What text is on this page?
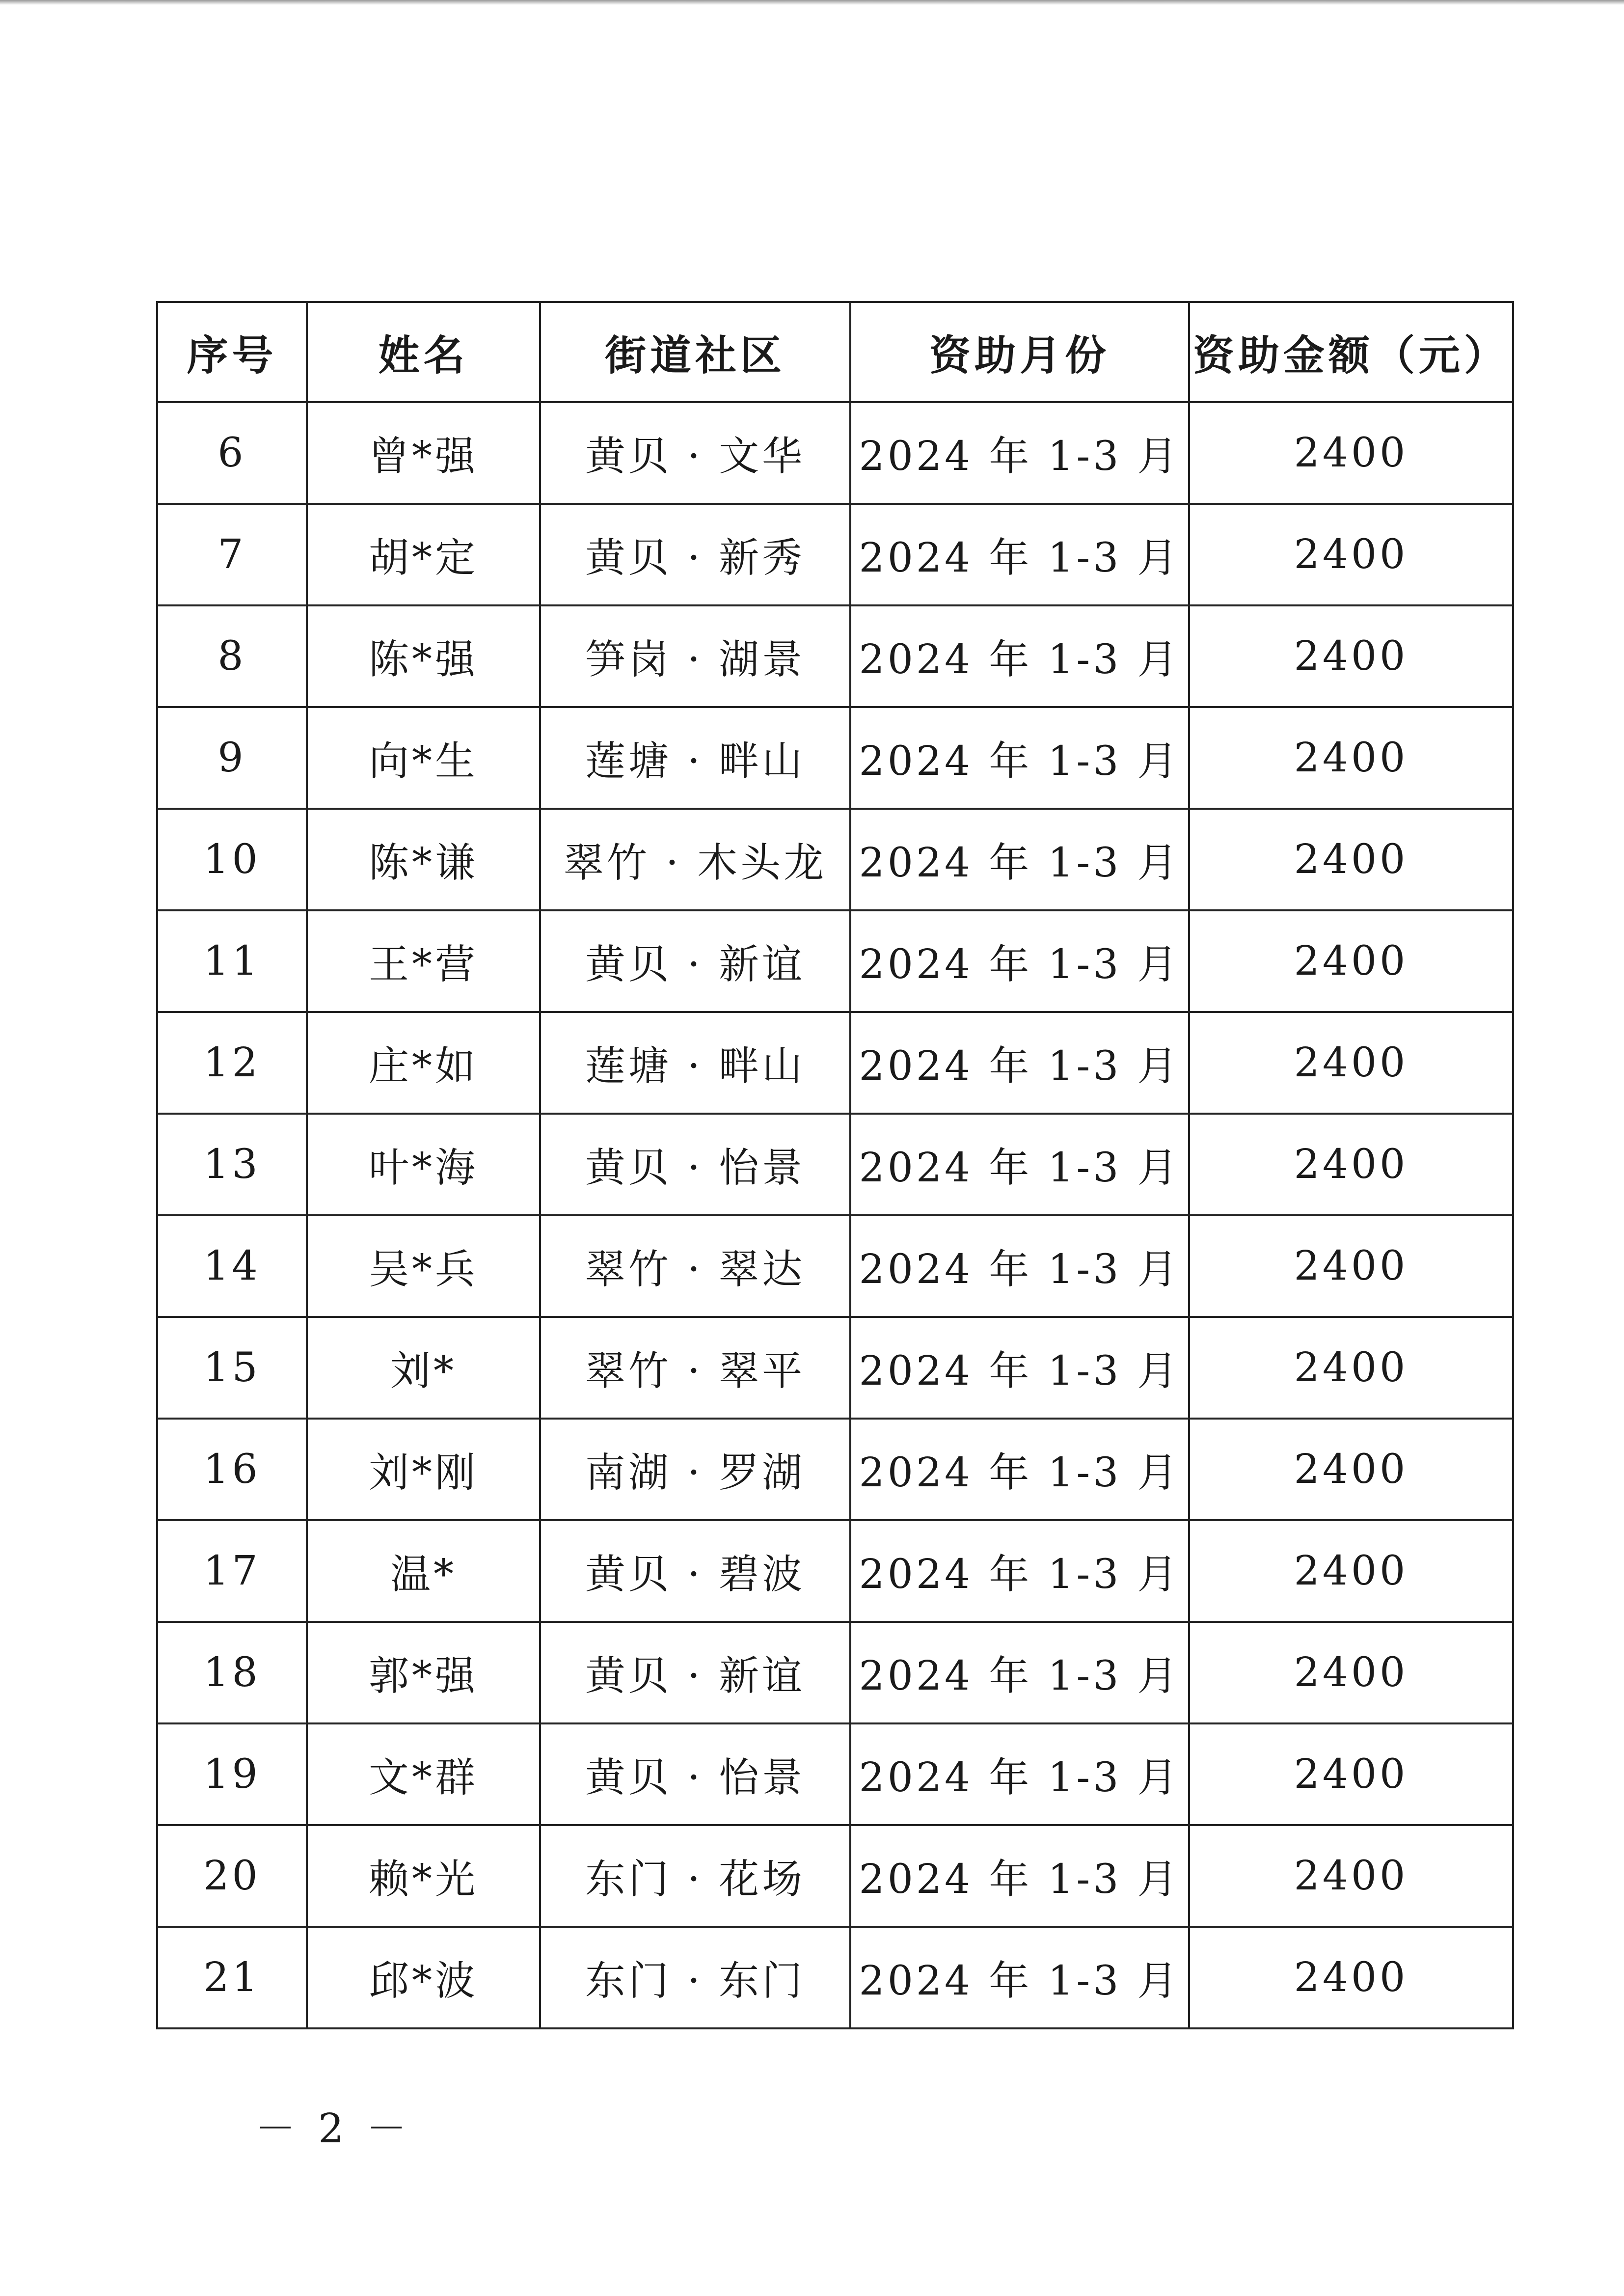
序号	姓名	街道社区	资助月份	资助金额（元）
6	曾*强	黄贝 · 文华	2024 年 1-3 月	2400
7	胡*定	黄贝 · 新秀	2024 年 1-3 月	2400
8	陈*强	笋岗 · 湖景	2024 年 1-3 月	2400
9	向*生	莲塘 · 畔山	2024 年 1-3 月	2400
10	陈*谦	翠竹 · 木头龙	2024 年 1-3 月	2400
11	王*营	黄贝 · 新谊	2024 年 1-3 月	2400
12	庄*如	莲塘 · 畔山	2024 年 1-3 月	2400
13	叶*海	黄贝 · 怡景	2024 年 1-3 月	2400
14	吴*兵	翠竹 · 翠达	2024 年 1-3 月	2400
15	刘*	翠竹 · 翠平	2024 年 1-3 月	2400
16	刘*刚	南湖 · 罗湖	2024 年 1-3 月	2400
17	温*	黄贝 · 碧波	2024 年 1-3 月	2400
18	郭*强	黄贝 · 新谊	2024 年 1-3 月	2400
19	文*群	黄贝 · 怡景	2024 年 1-3 月	2400
20	赖*光	东门 · 花场	2024 年 1-3 月	2400
21	邱*波	东门 · 东门	2024 年 1-3 月	2400
－ 2 －
